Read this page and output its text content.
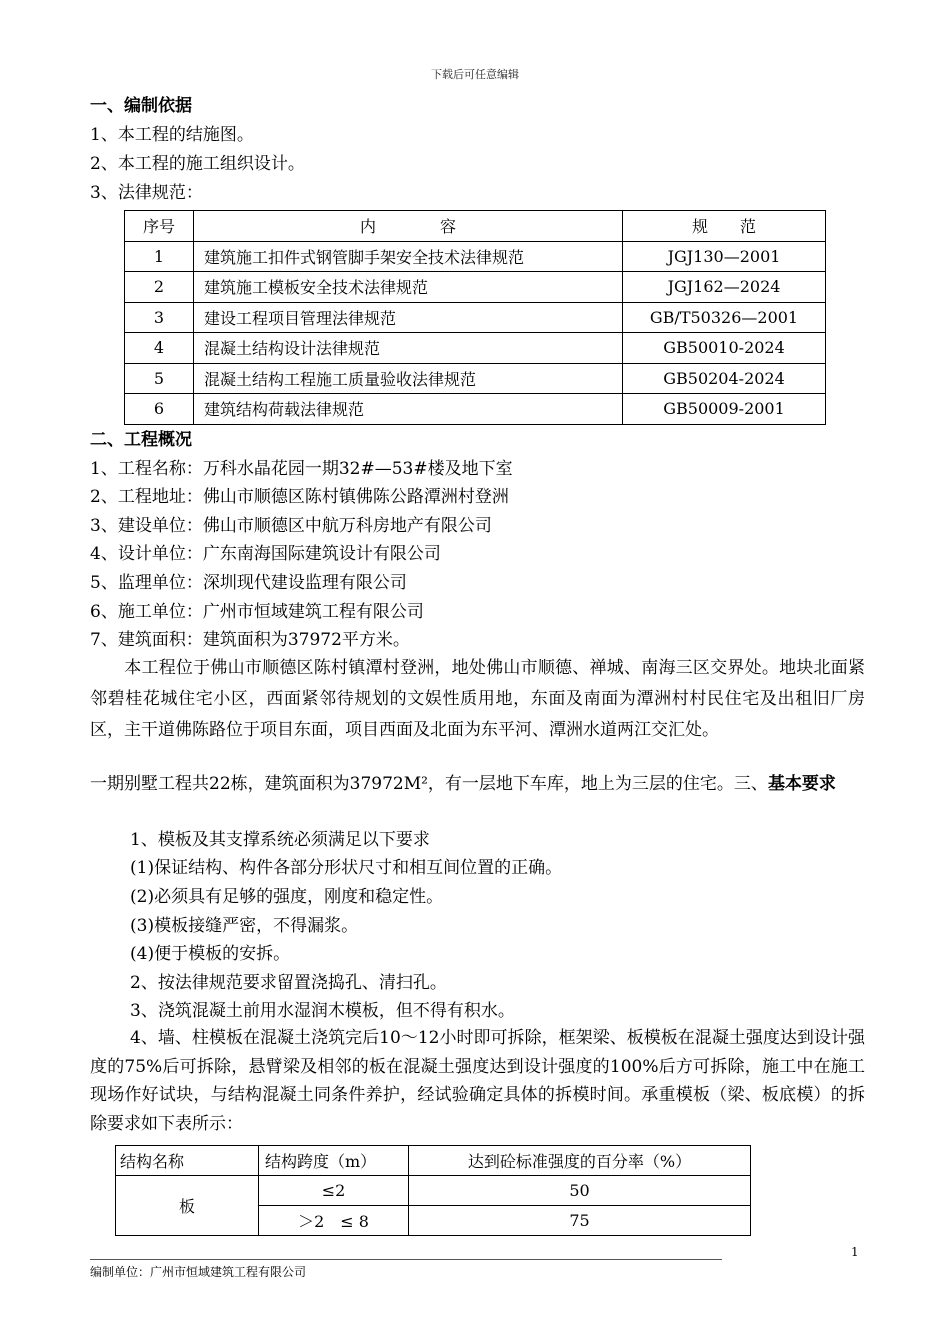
下载后可任意编辑
一、编制依据
1、本工程的结施图。
2、本工程的施工组织设计。
3、法律规范：
序号	内　　　　容	规　　范
1	建筑施工扣件式钢管脚手架安全技术法律规范	JGJ130—2001
2	建筑施工模板安全技术法律规范	JGJ162—2024
3	建设工程项目管理法律规范	GB/T50326—2001
4	混凝土结构设计法律规范	GB50010-2024
5	混凝土结构工程施工质量验收法律规范	GB50204-2024
6	建筑结构荷载法律规范	GB50009-2001
二、工程概况
1、工程名称：万科水晶花园一期32#—53#楼及地下室
2、工程地址：佛山市顺德区陈村镇佛陈公路潭洲村登洲
3、建设单位：佛山市顺德区中航万科房地产有限公司
4、设计单位：广东南海国际建筑设计有限公司
5、监理单位：深圳现代建设监理有限公司
6、施工单位：广州市恒域建筑工程有限公司
7、建筑面积：建筑面积为37972平方米。
本工程位于佛山市顺德区陈村镇潭村登洲，地处佛山市顺德、禅城、南海三区交界处。地块北面紧邻碧桂花城住宅小区，西面紧邻待规划的文娱性质用地，东面及南面为潭洲村村民住宅及出租旧厂房区，主干道佛陈路位于项目东面，项目西面及北面为东平河、潭洲水道两江交汇处。
一期别墅工程共22栋，建筑面积为37972M²，有一层地下车库，地上为三层的住宅。三、基本要求
1、模板及其支撑系统必须满足以下要求
(1)保证结构、构件各部分形状尺寸和相互间位置的正确。
(2)必须具有足够的强度，刚度和稳定性。
(3)模板接缝严密，不得漏浆。
(4)便于模板的安拆。
2、按法律规范要求留置浇捣孔、清扫孔。
3、浇筑混凝土前用水湿润木模板，但不得有积水。
4、墙、柱模板在混凝土浇筑完后10～12小时即可拆除，框架梁、板模板在混凝土强度达到设计强度的75%后可拆除，悬臂梁及相邻的板在混凝土强度达到设计强度的100%后方可拆除，施工中在施工现场作好试块，与结构混凝土同条件养护，经试验确定具体的拆模时间。承重模板（梁、板底模）的拆除要求如下表所示：
结构名称	结构跨度（m）	达到砼标准强度的百分率（%）
板	≤2	50
	＞2　≤ 8	75
1
编制单位：广州市恒域建筑工程有限公司
